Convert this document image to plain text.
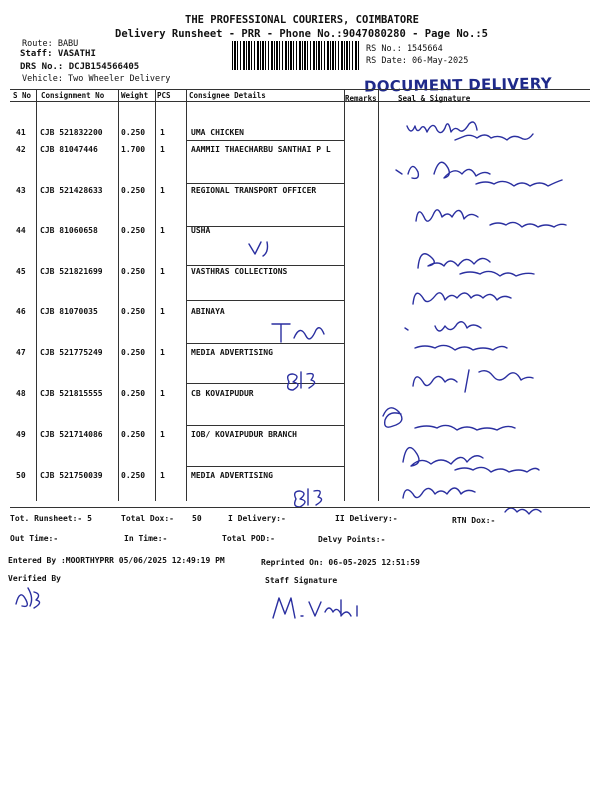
THE PROFESSIONAL COURIERS, COIMBATORE
Delivery Runsheet - PRR - Phone No.:9047080280 - Page No.:5
Route: BABU
Staff: VASATHI
DRS No.: DCJB154566405
Vehicle: Two Wheeler Delivery
RS No.: 1545664
RS Date: 06-May-2025
DOCUMENT DELIVERY
S No Consignment No Weight PCS Consignee Details	Remarks	Seal & Signature
41 CJB 521832200 0.250 1	UMA CHICKEN
42 CJB 81047446	1.700 1	AAMMII THAECHARBU SANTHAI P L
43 CJB 521428633 0.250 1	REGIONAL TRANSPORT OFFICER
44 CJB 81060658	0.250 1	USHA
45 CJB 521821699 0.250 1	VASTHRAS COLLECTIONS
46 CJB 81070035	0.250 1	ABINAYA
47 CJB 521775249 0.250 1	MEDIA ADVERTISING
48 CJB 521815555 0.250 1	CB KOVAIPUDUR
49 CJB 521714086 0.250 1	IOB/ KOVAIPUDUR BRANCH
50 CJB 521750039 0.250 1	MEDIA ADVERTISING
Tot. Runsheet:- 5	Total Dox:- 50	I Delivery:-	II Delivery:-	RTN Dox:-
Out Time:-	In Time:-	Total POD:-	Delvy Points:-
Entered By :MOORTHYPRR 05/06/2025 12:49:19 PM	Reprinted On: 06-05-2025 12:51:59
Verified By	Staff Signature
